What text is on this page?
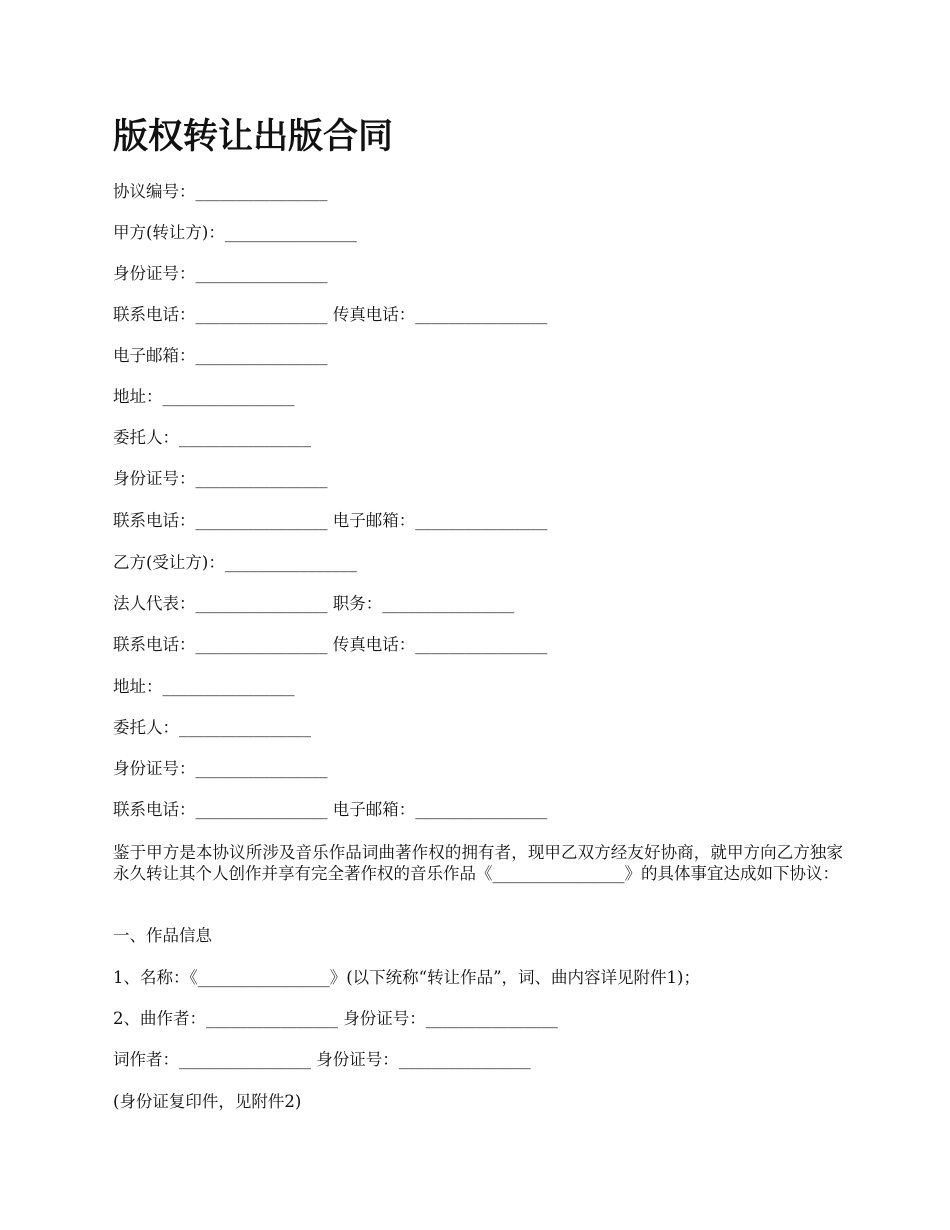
版权转让出版合同

协议编号：________________

甲方(转让方)：________________

身份证号：________________

联系电话：________________ 传真电话：________________

电子邮箱：________________

地址：________________

委托人：________________

身份证号：________________

联系电话：________________ 电子邮箱：________________

乙方(受让方)：________________

法人代表：________________ 职务：________________

联系电话：________________ 传真电话：________________

地址：________________

委托人：________________

身份证号：________________

联系电话：________________ 电子邮箱：________________

鉴于甲方是本协议所涉及音乐作品词曲著作权的拥有者，现甲乙双方经友好协商，就甲方向乙方独家永久转让其个人创作并享有完全著作权的音乐作品《________________》的具体事宜达成如下协议：

一、作品信息

1、名称：《________________》(以下统称“转让作品”，词、曲内容详见附件1)；

2、曲作者：________________ 身份证号：________________

词作者：________________ 身份证号：________________

(身份证复印件，见附件2)
